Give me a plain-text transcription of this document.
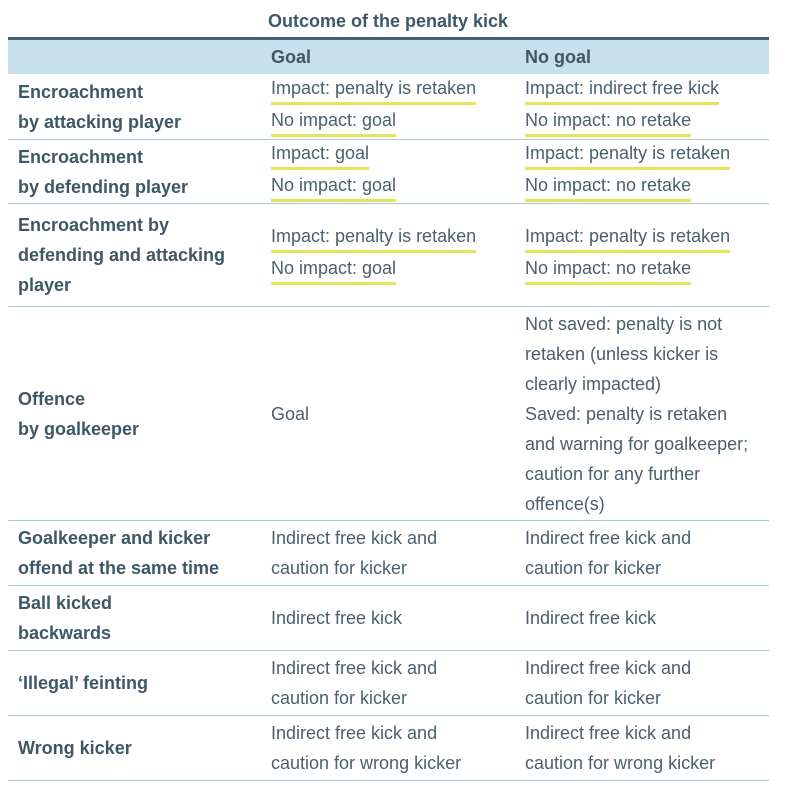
Outcome of the penalty kick
Goal	No goal
Encroachment
by attacking player
Impact: penalty is retaken
No impact: goal
Impact: indirect free kick
No impact: no retake
Encroachment
by defending player
Impact: goal
No impact: goal
Impact: penalty is retaken
No impact: no retake
Encroachment by
defending and attacking
player
Impact: penalty is retaken
No impact: goal
Impact: penalty is retaken
No impact: no retake
Offence
by goalkeeper
Goal
Not saved: penalty is not
retaken (unless kicker is
clearly impacted)
Saved: penalty is retaken
and warning for goalkeeper;
caution for any further
offence(s)
Goalkeeper and kicker
offend at the same time
Indirect free kick and
caution for kicker
Indirect free kick and
caution for kicker
Ball kicked
backwards
Indirect free kick	Indirect free kick
‘Illegal’ feinting
Indirect free kick and
caution for kicker
Indirect free kick and
caution for kicker
Wrong kicker
Indirect free kick and
caution for wrong kicker
Indirect free kick and
caution for wrong kicker
